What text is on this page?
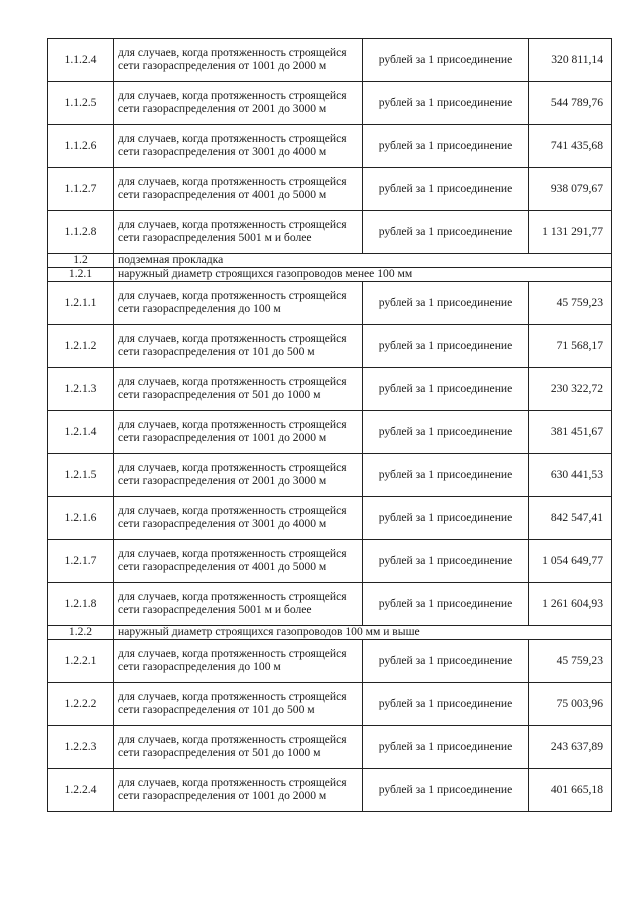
1.1.2.4	для случаев, когда протяженность строящейся сети газораспределения от 1001 до 2000 м	рублей за 1 присоединение	320 811,14
1.1.2.5	для случаев, когда протяженность строящейся сети газораспределения от 2001 до 3000 м	рублей за 1 присоединение	544 789,76
1.1.2.6	для случаев, когда протяженность строящейся сети газораспределения от 3001 до 4000 м	рублей за 1 присоединение	741 435,68
1.1.2.7	для случаев, когда протяженность строящейся сети газораспределения от 4001 до 5000 м	рублей за 1 присоединение	938 079,67
1.1.2.8	для случаев, когда протяженность строящейся сети газораспределения 5001 м и более	рублей за 1 присоединение	1 131 291,77
1.2	подземная прокладка		
1.2.1	наружный диаметр строящихся газопроводов менее 100 мм		
1.2.1.1	для случаев, когда протяженность строящейся сети газораспределения до 100 м	рублей за 1 присоединение	45 759,23
1.2.1.2	для случаев, когда протяженность строящейся сети газораспределения от 101 до 500 м	рублей за 1 присоединение	71 568,17
1.2.1.3	для случаев, когда протяженность строящейся сети газораспределения от 501 до 1000 м	рублей за 1 присоединение	230 322,72
1.2.1.4	для случаев, когда протяженность строящейся сети газораспределения от 1001 до 2000 м	рублей за 1 присоединение	381 451,67
1.2.1.5	для случаев, когда протяженность строящейся сети газораспределения от 2001 до 3000 м	рублей за 1 присоединение	630 441,53
1.2.1.6	для случаев, когда протяженность строящейся сети газораспределения от 3001 до 4000 м	рублей за 1 присоединение	842 547,41
1.2.1.7	для случаев, когда протяженность строящейся сети газораспределения от 4001 до 5000 м	рублей за 1 присоединение	1 054 649,77
1.2.1.8	для случаев, когда протяженность строящейся сети газораспределения 5001 м и более	рублей за 1 присоединение	1 261 604,93
1.2.2	наружный диаметр строящихся газопроводов 100 мм и выше		
1.2.2.1	для случаев, когда протяженность строящейся сети газораспределения до 100 м	рублей за 1 присоединение	45 759,23
1.2.2.2	для случаев, когда протяженность строящейся сети газораспределения от 101 до 500 м	рублей за 1 присоединение	75 003,96
1.2.2.3	для случаев, когда протяженность строящейся сети газораспределения от 501 до 1000 м	рублей за 1 присоединение	243 637,89
1.2.2.4	для случаев, когда протяженность строящейся сети газораспределения от 1001 до 2000 м	рублей за 1 присоединение	401 665,18
